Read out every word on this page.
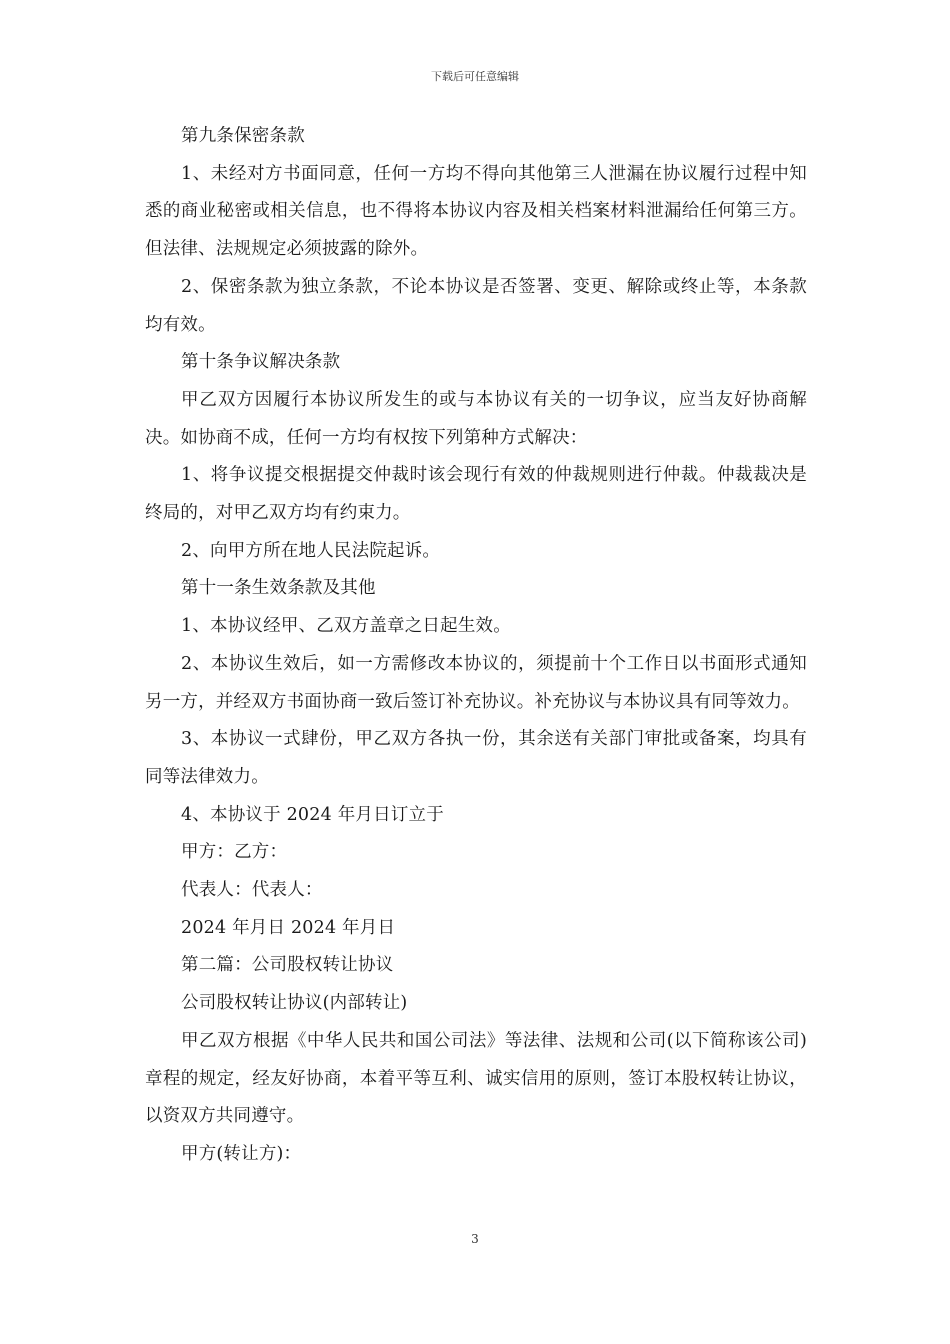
下载后可任意编辑

第九条保密条款

1、未经对方书面同意，任何一方均不得向其他第三人泄漏在协议履行过程中知悉的商业秘密或相关信息，也不得将本协议内容及相关档案材料泄漏给任何第三方。但法律、法规规定必须披露的除外。

2、保密条款为独立条款，不论本协议是否签署、变更、解除或终止等，本条款均有效。

第十条争议解决条款

甲乙双方因履行本协议所发生的或与本协议有关的一切争议，应当友好协商解决。如协商不成，任何一方均有权按下列第种方式解决：

1、将争议提交根据提交仲裁时该会现行有效的仲裁规则进行仲裁。仲裁裁决是终局的，对甲乙双方均有约束力。

2、向甲方所在地人民法院起诉。

第十一条生效条款及其他

1、本协议经甲、乙双方盖章之日起生效。

2、本协议生效后，如一方需修改本协议的，须提前十个工作日以书面形式通知另一方，并经双方书面协商一致后签订补充协议。补充协议与本协议具有同等效力。

3、本协议一式肆份，甲乙双方各执一份，其余送有关部门审批或备案，均具有同等法律效力。

4、本协议于 2024 年月日订立于

甲方：乙方：

代表人：代表人：

2024 年月日 2024 年月日

第二篇：公司股权转让协议

公司股权转让协议(内部转让)

甲乙双方根据《中华人民共和国公司法》等法律、法规和公司(以下简称该公司)章程的规定，经友好协商，本着平等互利、诚实信用的原则，签订本股权转让协议，以资双方共同遵守。

甲方(转让方)：

3
